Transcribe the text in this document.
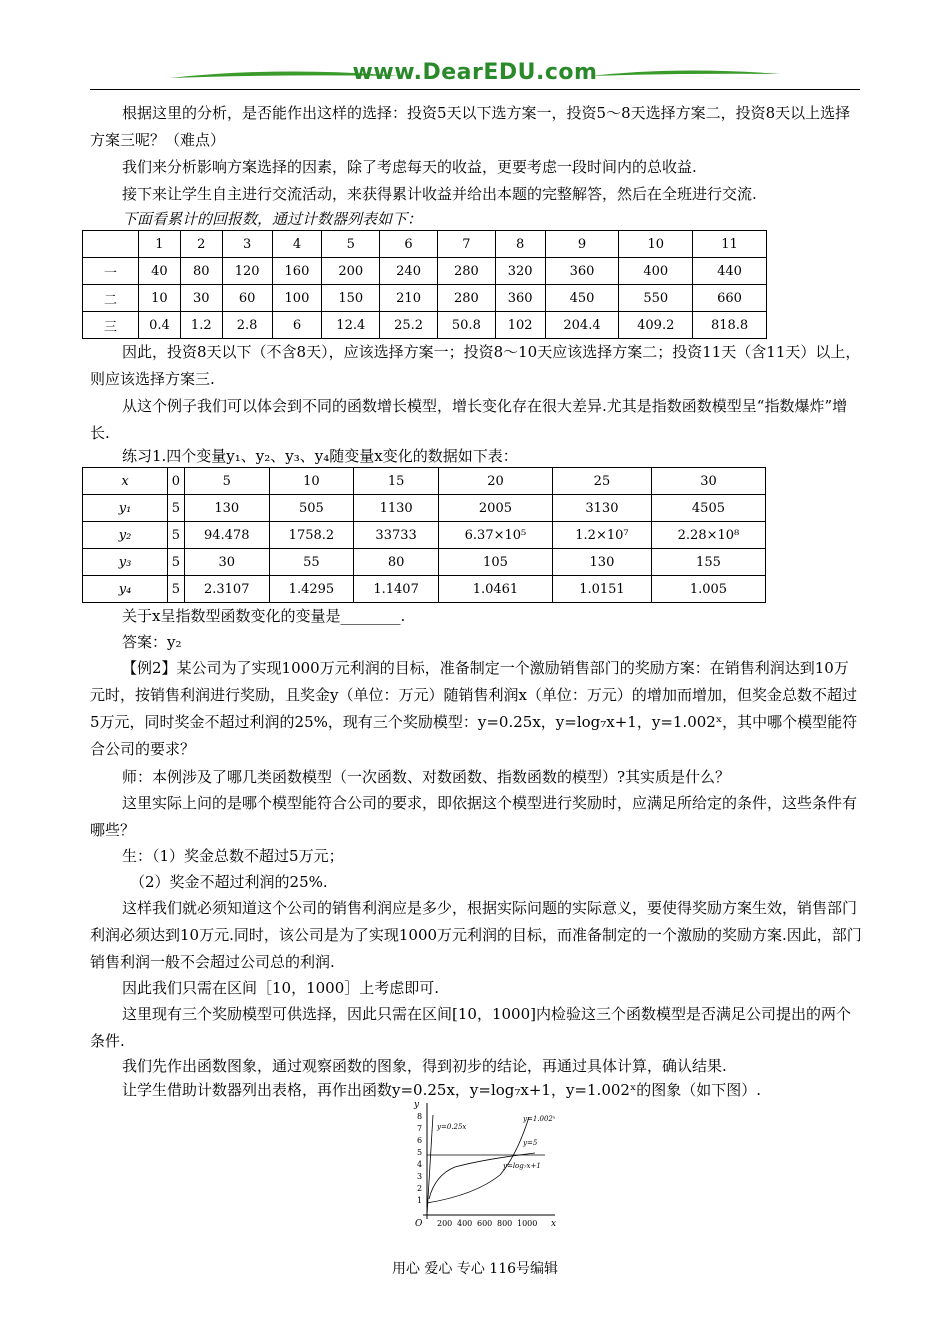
www.DearEDU.com

根据这里的分析，是否能作出这样的选择：投资5天以下选方案一，投资5～8天选择方案二，投资8天以上选择方案三呢？（难点）

我们来分析影响方案选择的因素，除了考虑每天的收益，更要考虑一段时间内的总收益.

接下来让学生自主进行交流活动，来获得累计收益并给出本题的完整解答，然后在全班进行交流.

下面看累计的回报数，通过计数器列表如下：

	1	2	3	4	5	6	7	8	9	10	11
一	40	80	120	160	200	240	280	320	360	400	440
二	10	30	60	100	150	210	280	360	450	550	660
三	0.4	1.2	2.8	6	12.4	25.2	50.8	102	204.4	409.2	818.8

因此，投资8天以下（不含8天），应该选择方案一；投资8～10天应该选择方案二；投资11天（含11天）以上，则应该选择方案三.

从这个例子我们可以体会到不同的函数增长模型，增长变化存在很大差异.尤其是指数函数模型呈“指数爆炸”增长.

练习1.四个变量y₁、y₂、y₃、y₄随变量x变化的数据如下表：

x	0	5	10	15	20	25	30
y₁	5	130	505	1130	2005	3130	4505
y₂	5	94.478	1758.2	33733	6.37×10⁵	1.2×10⁷	2.28×10⁸
y₃	5	30	55	80	105	130	155
y₄	5	2.3107	1.4295	1.1407	1.0461	1.0151	1.005

关于x呈指数型函数变化的变量是________.

答案：y₂

【例2】某公司为了实现1000万元利润的目标，准备制定一个激励销售部门的奖励方案：在销售利润达到10万元时，按销售利润进行奖励，且奖金y（单位：万元）随销售利润x（单位：万元）的增加而增加，但奖金总数不超过5万元，同时奖金不超过利润的25%，现有三个奖励模型：y=0.25x，y=log₇x+1，y=1.002ˣ，其中哪个模型能符合公司的要求？

师：本例涉及了哪几类函数模型（一次函数、对数函数、指数函数的模型）?其实质是什么？

这里实际上问的是哪个模型能符合公司的要求，即依据这个模型进行奖励时，应满足所给定的条件，这些条件有哪些？

生：（1）奖金总数不超过5万元；

（2）奖金不超过利润的25%.

这样我们就必须知道这个公司的销售利润应是多少，根据实际问题的实际意义，要使得奖励方案生效，销售部门利润必须达到10万元.同时，该公司是为了实现1000万元利润的目标，而准备制定的一个激励的奖励方案.因此，部门销售利润一般不会超过公司总的利润.

因此我们只需在区间［10，1000］上考虑即可.

这里现有三个奖励模型可供选择，因此只需在区间[10，1000]内检验这三个函数模型是否满足公司提出的两个条件.

我们先作出函数图象，通过观察函数的图象，得到初步的结论，再通过具体计算，确认结果.

让学生借助计数器列出表格，再作出函数y=0.25x，y=log₇x+1，y=1.002ˣ的图象（如下图）.

y
x
O
1
2
3
4
5
6
7
8
200 400 600 800 1000
y=0.25x
y=1.002ˣ
y=5
y=log₇x+1
用心 爱心 专心 116号编辑
